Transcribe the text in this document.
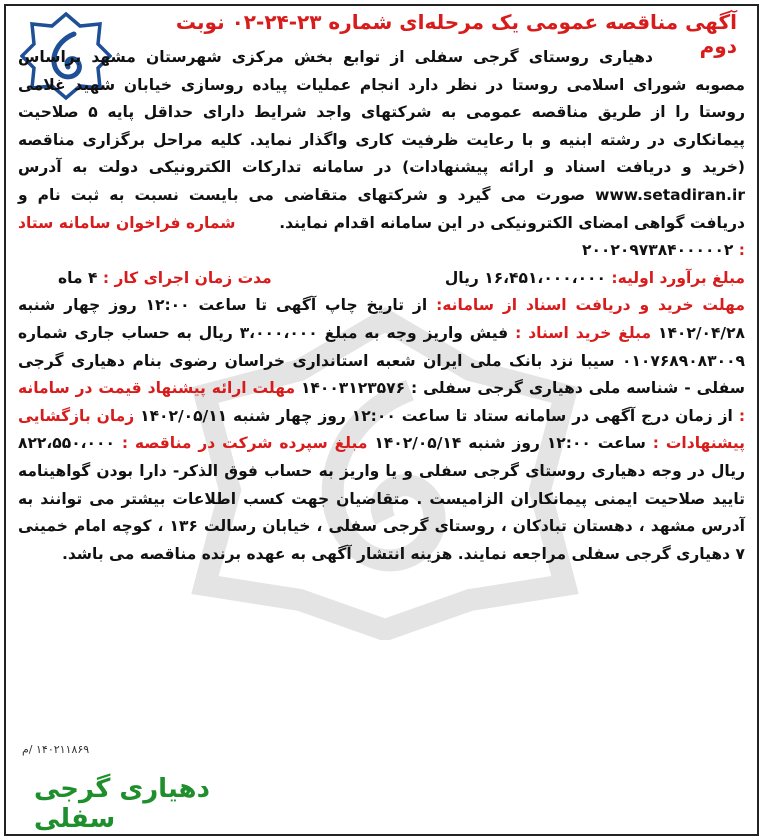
آگهی مناقصه عمومی یک مرحله‌ای شماره ۲۳-۲۴-۰۲ نوبت دوم

دهیاری روستای گرجی سفلی از توابع بخش مرکزی شهرستان مشهد براساس مصوبه شورای اسلامی روستا در نظر دارد انجام عملیات پیاده روسازی خیابان شهید غلامی روستا را از طریق مناقصه عمومی به شرکتهای واجد شرایط دارای حداقل پایه ۵ صلاحیت پیمانکاری در رشته ابنیه و با رعایت ظرفیت کاری واگذار نماید. کلیه مراحل برگزاری مناقصه (خرید و دریافت اسناد و ارائه پیشنهادات) در سامانه تدارکات الکترونیکی دولت به آدرس www.setadiran.ir صورت می گیرد و شرکتهای متقاضی می بایست نسبت به ثبت نام و دریافت گواهی امضای الکترونیکی در این سامانه اقدام نمایند.        شماره فراخوان سامانه ستاد : ۲۰۰۲۰۹۷۳۸۴۰۰۰۰۰۲

مبلغ برآورد اولیه: ۱۶،۴۵۱،۰۰۰،۰۰۰ ریال
مدت زمان اجرای کار : ۴ ماه

مهلت خرید و دریافت اسناد از سامانه: از تاریخ چاپ آگهی تا ساعت ۱۲:۰۰ روز چهار شنبه ۱۴۰۲/۰۴/۲۸ مبلغ خرید اسناد : فیش واریز وجه به مبلغ ۳،۰۰۰،۰۰۰ ریال به حساب جاری شماره ۰۱۰۷۶۸۹۰۸۳۰۰۹ سیبا نزد بانک ملی ایران شعبه استانداری خراسان رضوی بنام دهیاری گرجی سفلی - شناسه ملی دهیاری گرجی سفلی : ۱۴۰۰۳۱۲۳۵۷۶ مهلت ارائه پیشنهاد قیمت در سامانه : از زمان درج آگهی در سامانه ستاد تا ساعت ۱۲:۰۰ روز چهار شنبه ۱۴۰۲/۰۵/۱۱ زمان بازگشایی پیشنهادات : ساعت ۱۲:۰۰ روز شنبه ۱۴۰۲/۰۵/۱۴ مبلغ سپرده شرکت در مناقصه : ۸۲۲،۵۵۰،۰۰۰ ریال در وجه دهیاری روستای گرجی سفلی و یا واریز به حساب فوق الذکر- دارا بودن گواهینامه تایید صلاحیت ایمنی پیمانکاران الزامیست . متقاضیان جهت کسب اطلاعات بیشتر می توانند به آدرس مشهد ، دهستان تبادکان ، روستای گرجی سفلی ، خیابان رسالت ۱۳۶ ، کوچه امام خمینی ۷ دهیاری گرجی سفلی مراجعه نمایند. هزینه انتشار آگهی به عهده برنده مناقصه می باشد.

۱۴۰۲۱۱۸۶۹ /م
دهیاری گرجی سفلی
